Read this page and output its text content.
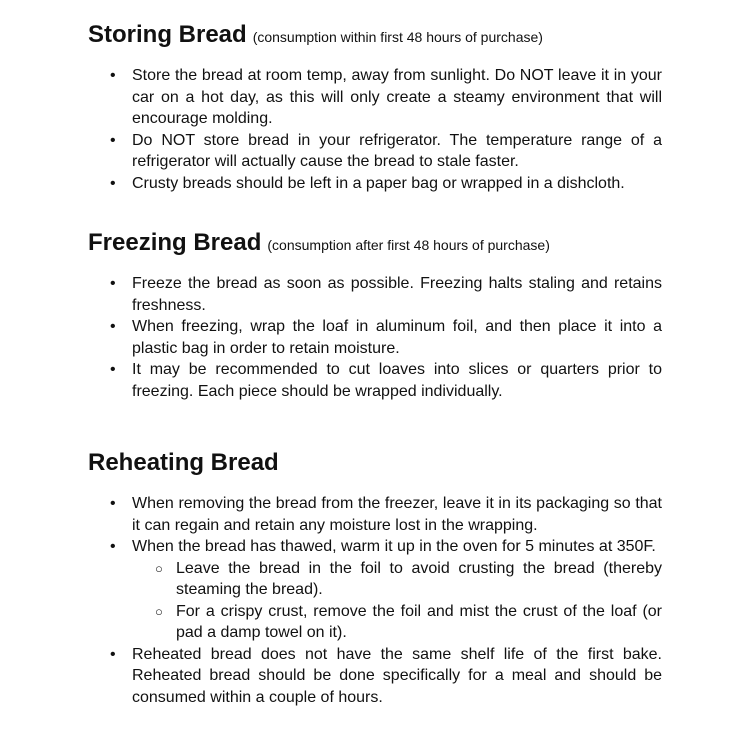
Storing Bread (consumption within first 48 hours of purchase)
• Store the bread at room temp, away from sunlight. Do NOT leave it in your car on a hot day, as this will only create a steamy environment that will encourage molding.
• Do NOT store bread in your refrigerator. The temperature range of a refrigerator will actually cause the bread to stale faster.
• Crusty breads should be left in a paper bag or wrapped in a dishcloth.
Freezing Bread (consumption after first 48 hours of purchase)
• Freeze the bread as soon as possible. Freezing halts staling and retains freshness.
• When freezing, wrap the loaf in aluminum foil, and then place it into a plastic bag in order to retain moisture.
• It may be recommended to cut loaves into slices or quarters prior to freezing. Each piece should be wrapped individually.
Reheating Bread
• When removing the bread from the freezer, leave it in its packaging so that it can regain and retain any moisture lost in the wrapping.
• When the bread has thawed, warm it up in the oven for 5 minutes at 350F.
○ Leave the bread in the foil to avoid crusting the bread (thereby steaming the bread).
○ For a crispy crust, remove the foil and mist the crust of the loaf (or pad a damp towel on it).
• Reheated bread does not have the same shelf life of the first bake. Reheated bread should be done specifically for a meal and should be consumed within a couple of hours.
